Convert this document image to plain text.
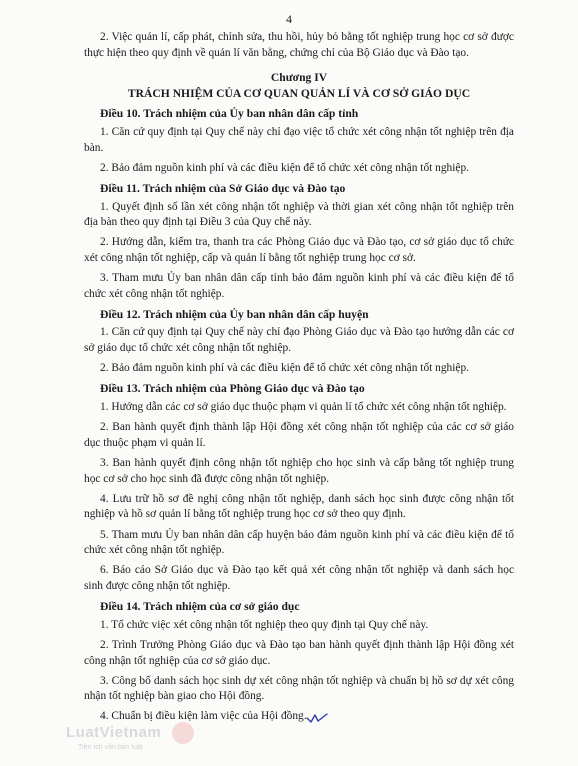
4

2. Việc quản lí, cấp phát, chỉnh sửa, thu hồi, hủy bỏ bằng tốt nghiệp trung học cơ sở được thực hiện theo quy định về quản lí văn bằng, chứng chỉ của Bộ Giáo dục và Đào tạo.

Chương IV
TRÁCH NHIỆM CỦA CƠ QUAN QUẢN LÍ VÀ CƠ SỞ GIÁO DỤC
Điều 10. Trách nhiệm của Ủy ban nhân dân cấp tỉnh

1. Căn cứ quy định tại Quy chế này chỉ đạo việc tổ chức xét công nhận tốt nghiệp trên địa bàn.

2. Bảo đảm nguồn kinh phí và các điều kiện để tổ chức xét công nhận tốt nghiệp.

Điều 11. Trách nhiệm của Sở Giáo dục và Đào tạo

1. Quyết định số lần xét công nhận tốt nghiệp và thời gian xét công nhận tốt nghiệp trên địa bàn theo quy định tại Điều 3 của Quy chế này.

2. Hướng dẫn, kiểm tra, thanh tra các Phòng Giáo dục và Đào tạo, cơ sở giáo dục tổ chức xét công nhận tốt nghiệp, cấp và quản lí bằng tốt nghiệp trung học cơ sở.

3. Tham mưu Ủy ban nhân dân cấp tỉnh bảo đảm nguồn kinh phí và các điều kiện để tổ chức xét công nhận tốt nghiệp.

Điều 12. Trách nhiệm của Ủy ban nhân dân cấp huyện

1. Căn cứ quy định tại Quy chế này chỉ đạo Phòng Giáo dục và Đào tạo hướng dẫn các cơ sở giáo dục tổ chức xét công nhận tốt nghiệp.

2. Bảo đảm nguồn kinh phí và các điều kiện để tổ chức xét công nhận tốt nghiệp.

Điều 13. Trách nhiệm của Phòng Giáo dục và Đào tạo

1. Hướng dẫn các cơ sở giáo dục thuộc phạm vi quản lí tổ chức xét công nhận tốt nghiệp.

2. Ban hành quyết định thành lập Hội đồng xét công nhận tốt nghiệp của các cơ sở giáo dục thuộc phạm vi quản lí.

3. Ban hành quyết định công nhận tốt nghiệp cho học sinh và cấp bằng tốt nghiệp trung học cơ sở cho học sinh đã được công nhận tốt nghiệp.

4. Lưu trữ hồ sơ đề nghị công nhận tốt nghiệp, danh sách học sinh được công nhận tốt nghiệp và hồ sơ quản lí bằng tốt nghiệp trung học cơ sở theo quy định.

5. Tham mưu Ủy ban nhân dân cấp huyện bảo đảm nguồn kinh phí và các điều kiện để tổ chức xét công nhận tốt nghiệp.

6. Báo cáo Sở Giáo dục và Đào tạo kết quả xét công nhận tốt nghiệp và danh sách học sinh được công nhận tốt nghiệp.

Điều 14. Trách nhiệm của cơ sở giáo dục

1. Tổ chức việc xét công nhận tốt nghiệp theo quy định tại Quy chế này.

2. Trình Trưởng Phòng Giáo dục và Đào tạo ban hành quyết định thành lập Hội đồng xét công nhận tốt nghiệp của cơ sở giáo dục.

3. Công bố danh sách học sinh dự xét công nhận tốt nghiệp và chuẩn bị hồ sơ dự xét công nhận tốt nghiệp bàn giao cho Hội đồng.

4. Chuẩn bị điều kiện làm việc của Hội đồng.

LuatVietnam
Tiện ích văn bản luật
